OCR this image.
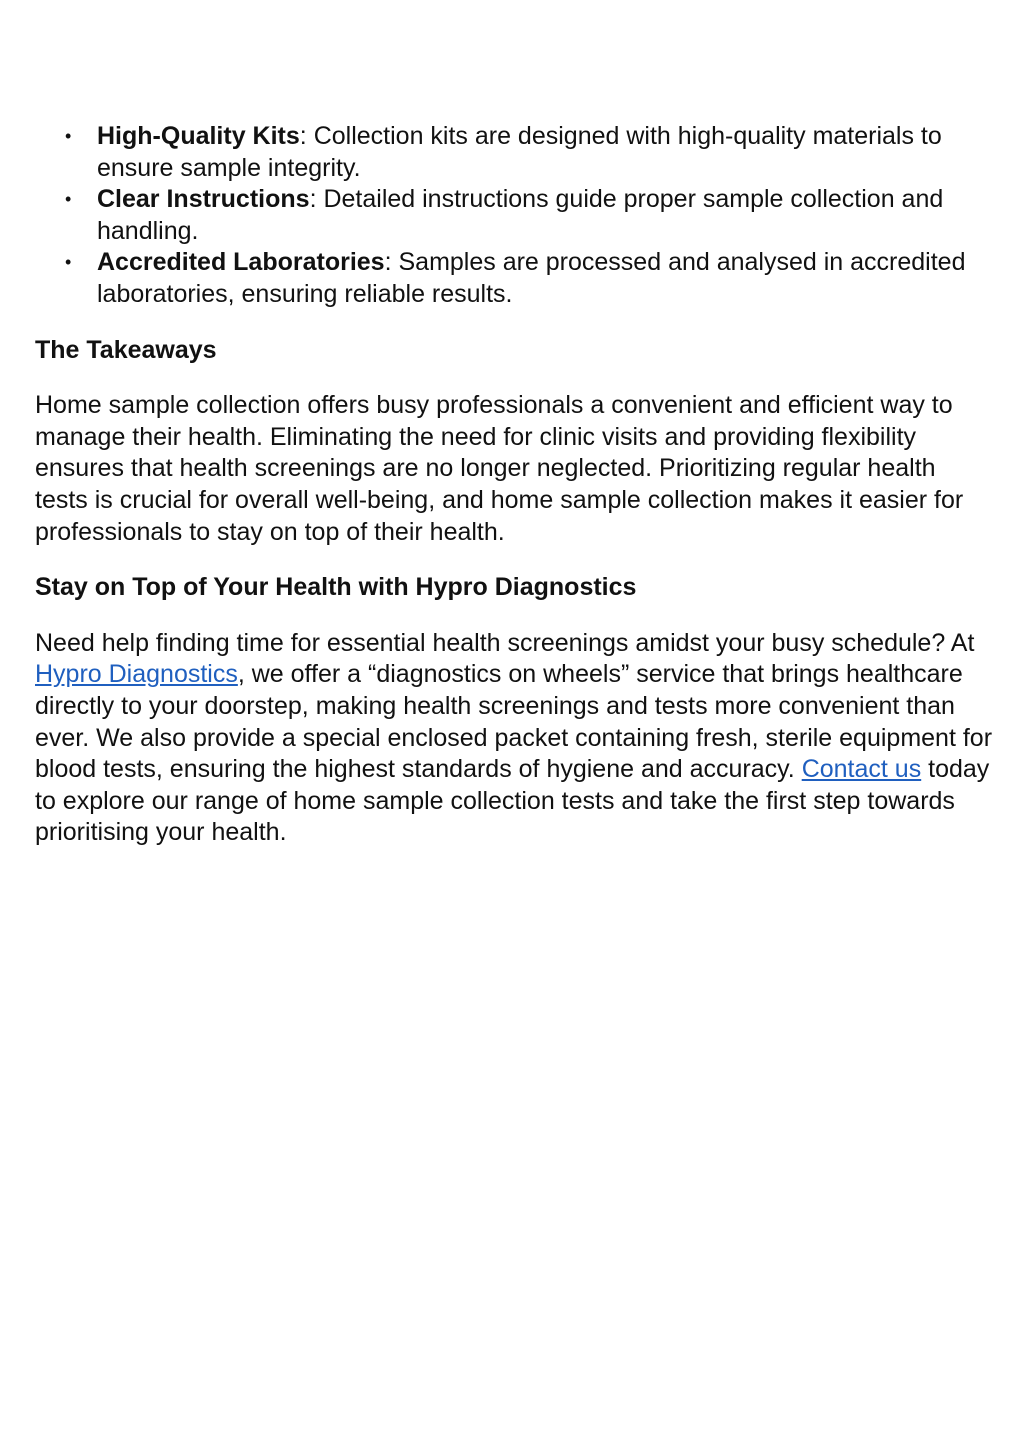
• High-Quality Kits: Collection kits are designed with high-quality materials to ensure sample integrity.
• Clear Instructions: Detailed instructions guide proper sample collection and handling.
• Accredited Laboratories: Samples are processed and analysed in accredited laboratories, ensuring reliable results.
The Takeaways

Home sample collection offers busy professionals a convenient and efficient way to manage their health. Eliminating the need for clinic visits and providing flexibility ensures that health screenings are no longer neglected. Prioritizing regular health tests is crucial for overall well-being, and home sample collection makes it easier for professionals to stay on top of their health.

Stay on Top of Your Health with Hypro Diagnostics

Need help finding time for essential health screenings amidst your busy schedule? At Hypro Diagnostics, we offer a “diagnostics on wheels” service that brings healthcare directly to your doorstep, making health screenings and tests more convenient than ever. We also provide a special enclosed packet containing fresh, sterile equipment for blood tests, ensuring the highest standards of hygiene and accuracy. Contact us today to explore our range of home sample collection tests and take the first step towards prioritising your health.
